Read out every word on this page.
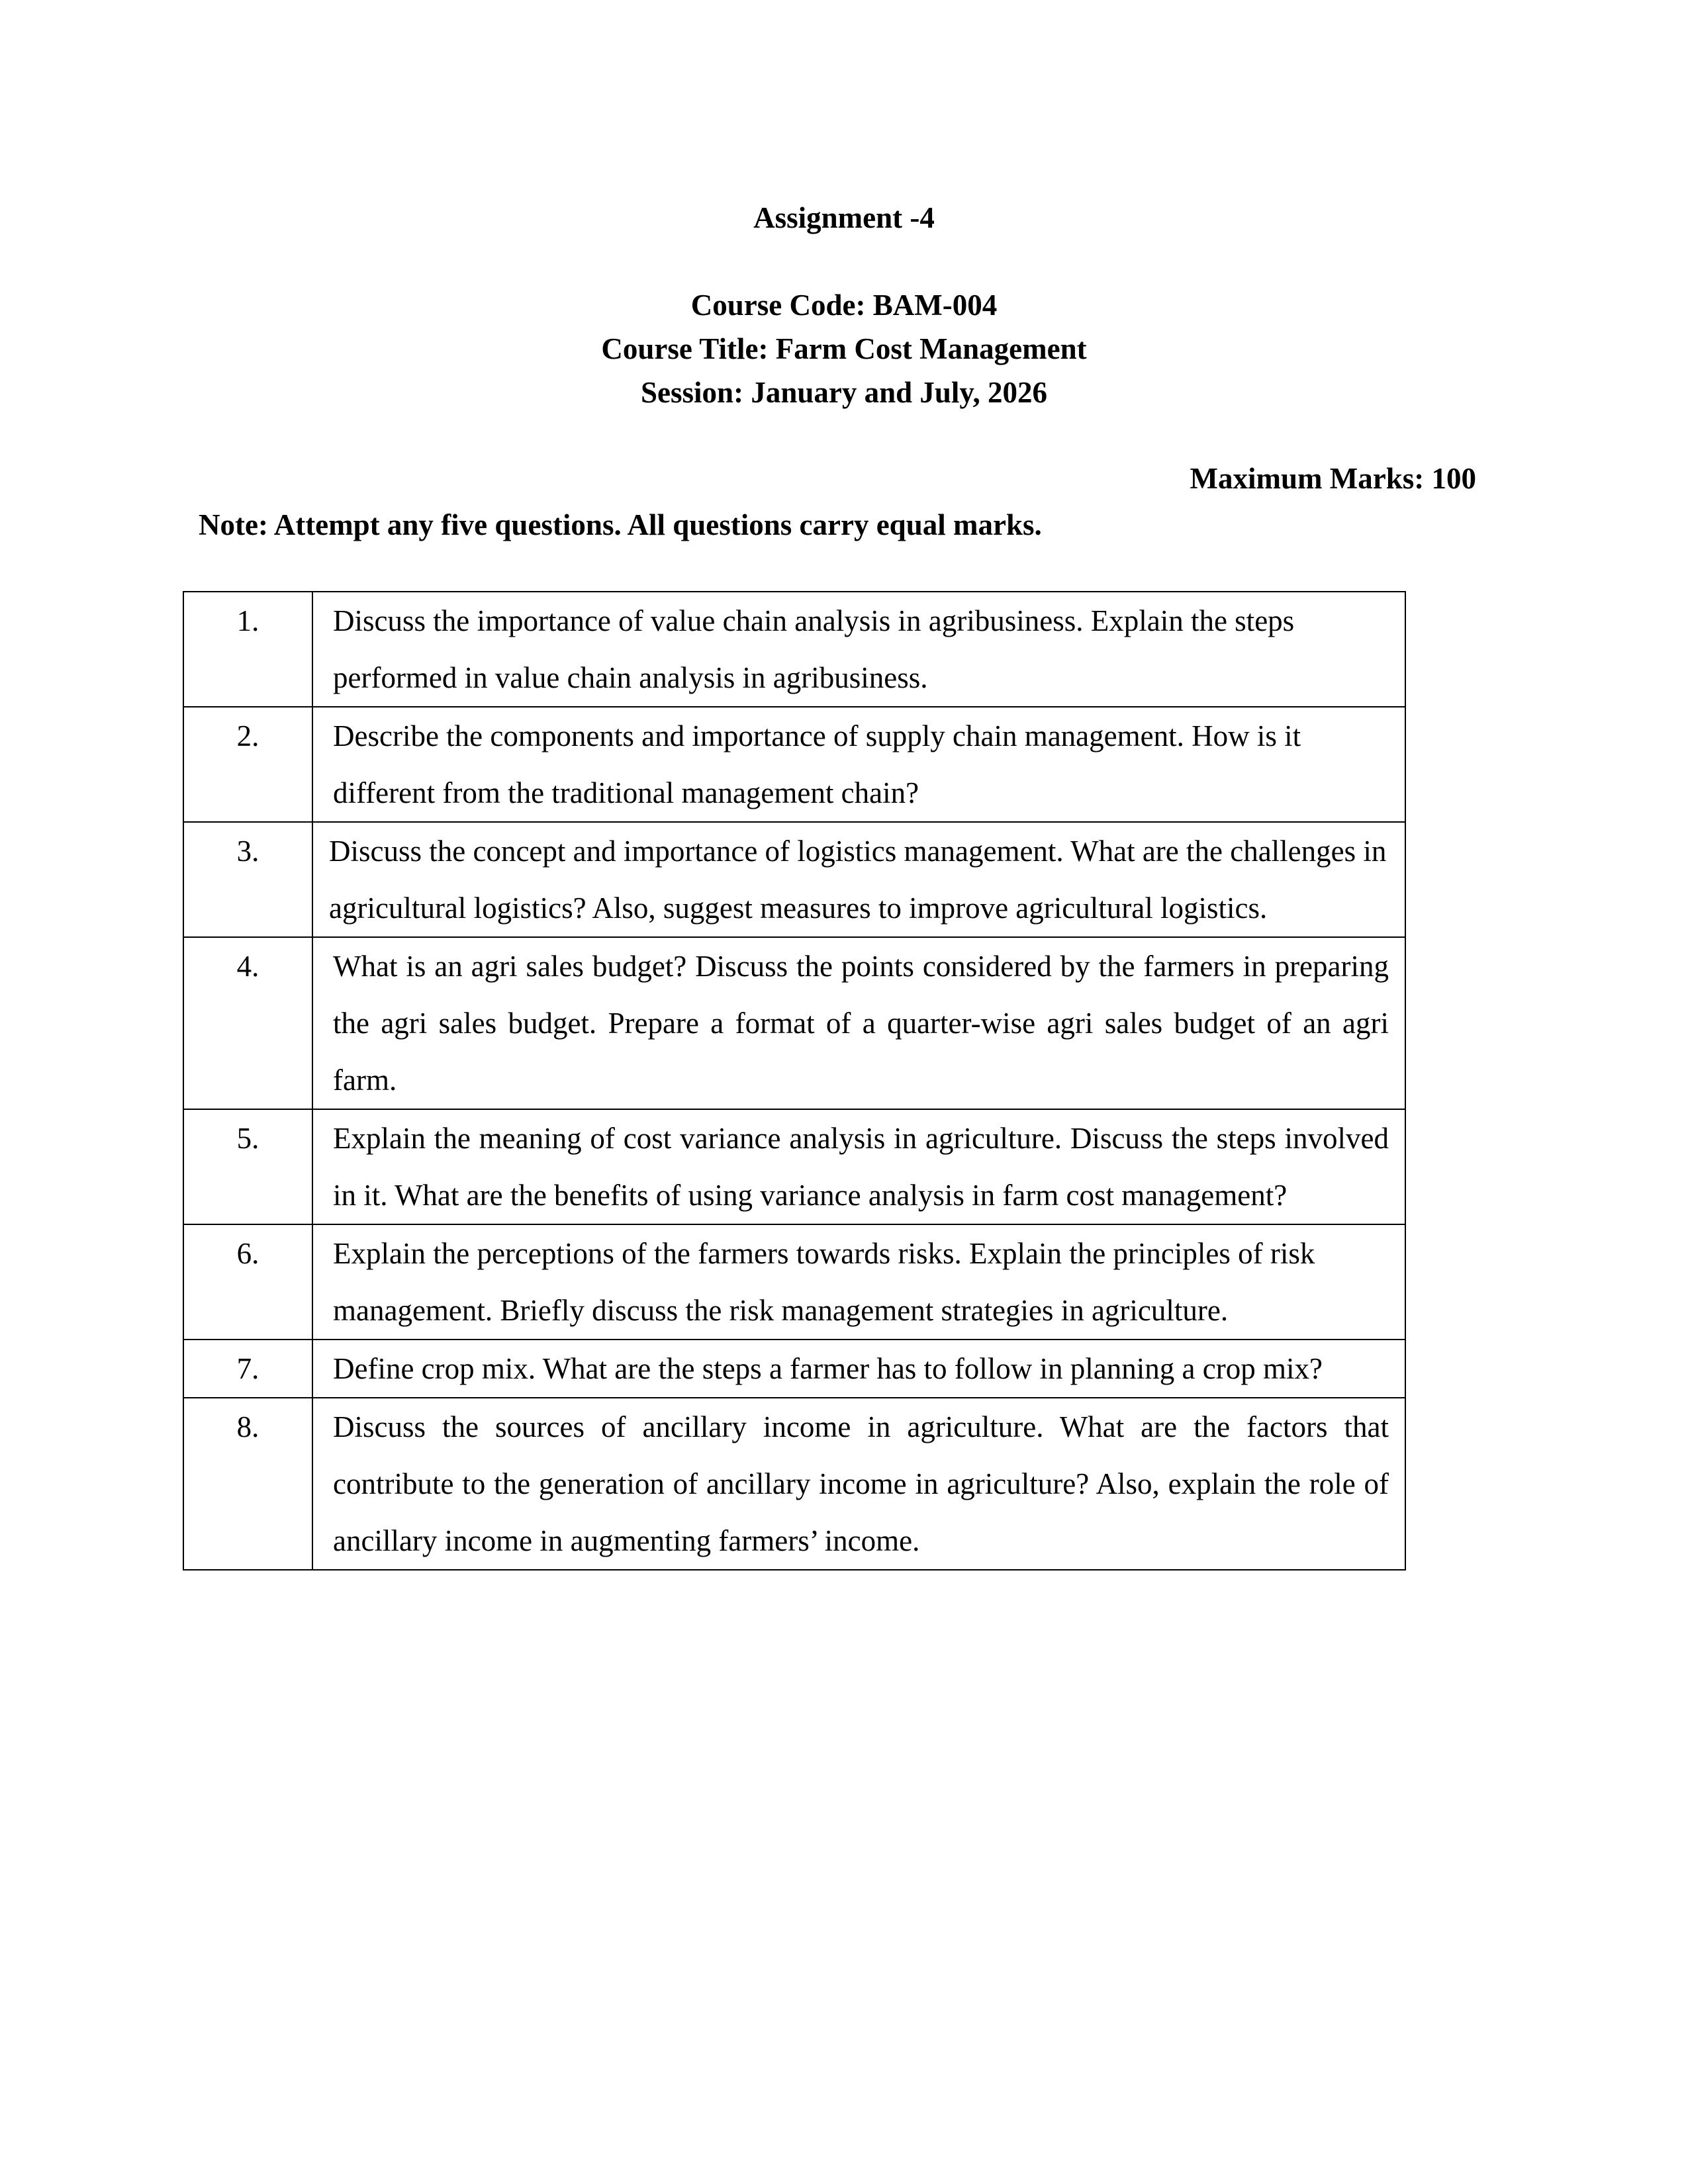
Assignment -4
Course Code: BAM-004
Course Title: Farm Cost Management
Session: January and July, 2026
Maximum Marks: 100
Note: Attempt any five questions. All questions carry equal marks.
1.	Discuss the importance of value chain analysis in agribusiness. Explain the steps performed in value chain analysis in agribusiness.
2.	Describe the components and importance of supply chain management. How is it different from the traditional management chain?
3.	Discuss the concept and importance of logistics management. What are the challenges in agricultural logistics? Also, suggest measures to improve agricultural logistics.
4.	What is an agri sales budget? Discuss the points considered by the farmers in preparing the agri sales budget. Prepare a format of a quarter-wise agri sales budget of an agri farm.
5.	Explain the meaning of cost variance analysis in agriculture. Discuss the steps involved in it. What are the benefits of using variance analysis in farm cost management?
6.	Explain the perceptions of the farmers towards risks. Explain the principles of risk management. Briefly discuss the risk management strategies in agriculture.
7.	Define crop mix. What are the steps a farmer has to follow in planning a crop mix?
8.	Discuss the sources of ancillary income in agriculture. What are the factors that contribute to the generation of ancillary income in agriculture? Also, explain the role of ancillary income in augmenting farmers’ income.
